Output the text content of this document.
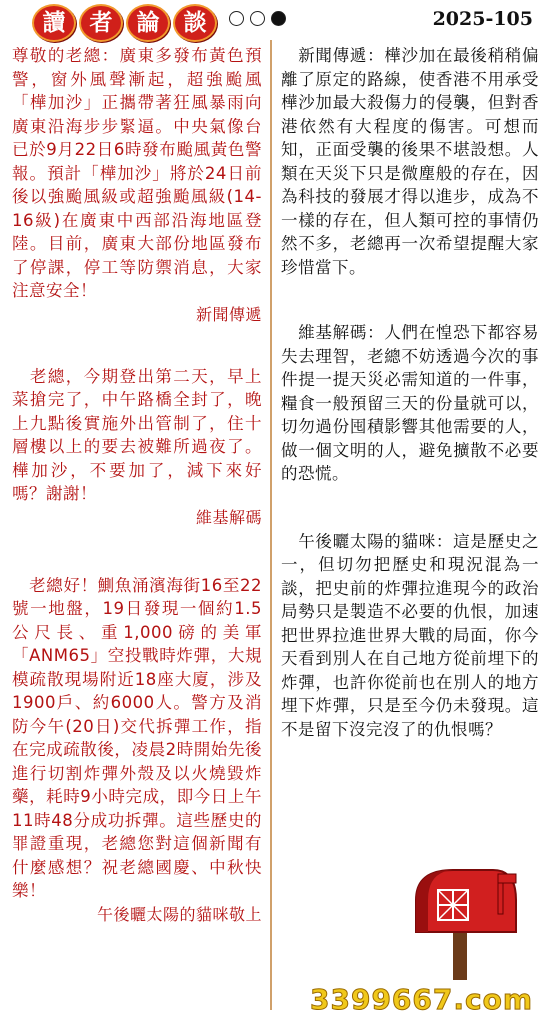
讀	者	論	談	2025-105
尊敬的老總：廣東多發布黃色預警，窗外風聲漸起，超強颱風「樺加沙」正攜帶著狂風暴雨向廣東沿海步步緊逼。中央氣像台已於9月22日6時發布颱風黃色警報。預計「樺加沙」將於24日前後以強颱風級或超強颱風級(14-16級)在廣東中西部沿海地區登陸。目前，廣東大部份地區發布了停課，停工等防禦消息，大家注意安全！
新聞傳遞
　老總，今期登出第二天，早上菜搶完了，中午路橋全封了，晚上九點後實施外出管制了，住十層樓以上的要去被難所過夜了。樺加沙，不要加了，減下來好嗎？謝謝！
維基解碼
　老總好！鰂魚涌濱海街16至22號一地盤，19日發現一個約1.5公尺長、重1,000磅的美軍「ANM65」空投戰時炸彈，大規模疏散現場附近18座大廈，涉及1900戶、約6000人。警方及消防今午(20日)交代拆彈工作，指在完成疏散後，凌晨2時開始先後進行切割炸彈外殼及以火燒毀炸藥，耗時9小時完成，即今日上午11時48分成功拆彈。這些歷史的罪證重現，老總您對這個新聞有什麼感想？祝老總國慶、中秋快樂！
午後曬太陽的貓咪敬上
　新聞傳遞：樺沙加在最後稍稍偏離了原定的路線，使香港不用承受樺沙加最大殺傷力的侵襲，但對香港依然有大程度的傷害。可想而知，正面受襲的後果不堪設想。人類在天災下只是微塵般的存在，因為科技的發展才得以進步，成為不一樣的存在，但人類可控的事情仍然不多，老總再一次希望提醒大家珍惜當下。
　維基解碼：人們在惶恐下都容易失去理智，老總不妨透過今次的事件提一提天災必需知道的一件事，糧食一般預留三天的份量就可以，切勿過份囤積影響其他需要的人，做一個文明的人，避免擴散不必要的恐慌。
　午後曬太陽的貓咪：這是歷史之一，但切勿把歷史和現況混為一談，把史前的炸彈拉進現今的政治局勢只是製造不必要的仇恨，加速把世界拉進世界大戰的局面，你今天看到別人在自己地方從前埋下的炸彈，也許你從前也在別人的地方埋下炸彈，只是至今仍未發現。這不是留下沒完沒了的仇恨嗎？
3399667.com
